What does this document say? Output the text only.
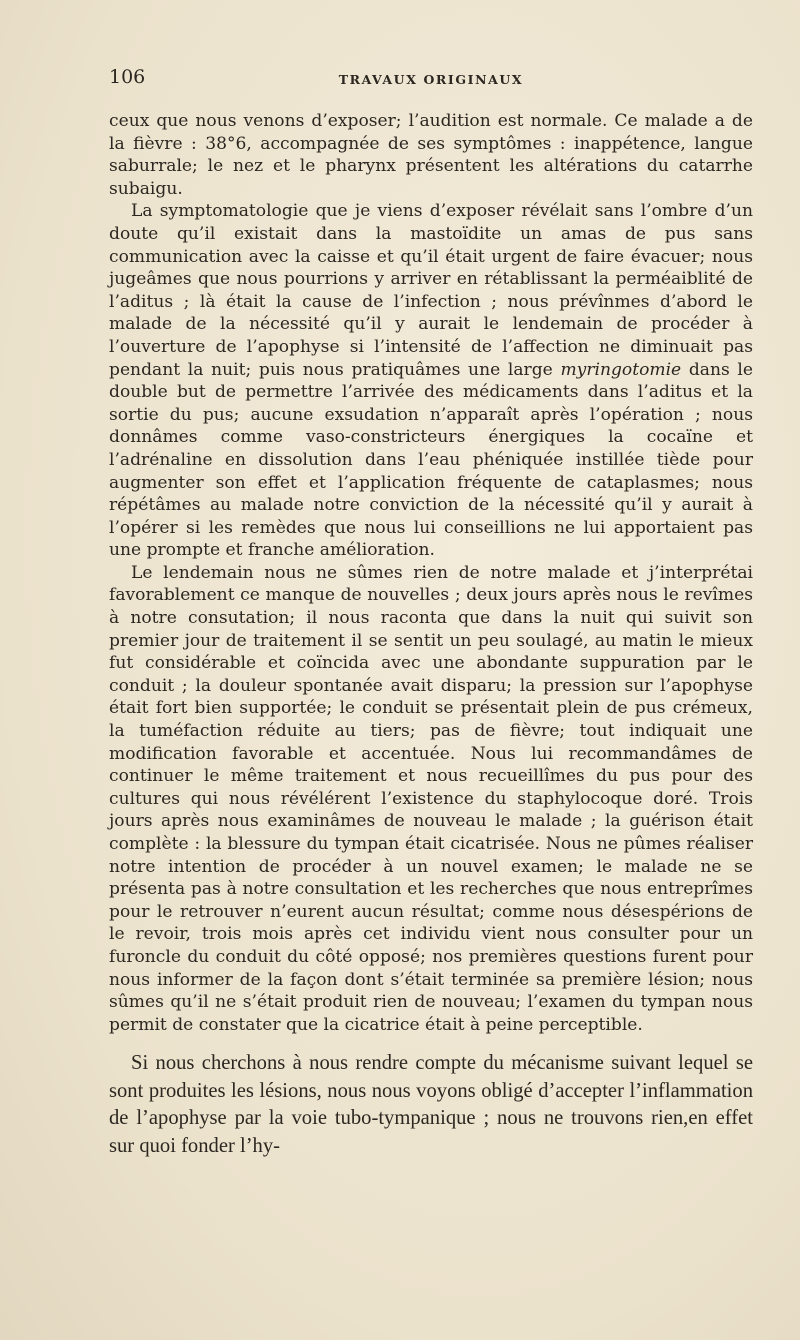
106	TRAVAUX ORIGINAUX

ceux que nous venons d’exposer; l’audition est normale. Ce malade a de la fièvre : 38°6, accompagnée de ses symptômes : inappétence, langue saburrale; le nez et le pharynx présentent les altérations du catarrhe subaigu.

La symptomatologie que je viens d’exposer révélait sans l’ombre d’un doute qu’il existait dans la mastoïdite un amas de pus sans communication avec la caisse et qu’il était urgent de faire évacuer; nous jugeâmes que nous pourrions y arriver en rétablissant la perméaiblité de l’aditus ; là était la cause de l’infection ; nous prévînmes d’abord le malade de la nécessité qu’il y aurait le lendemain de procéder à l’ouverture de l’apophyse si l’intensité de l’affection ne diminuait pas pendant la nuit; puis nous pratiquâmes une large myringotomie dans le double but de permettre l’arrivée des médicaments dans l’aditus et la sortie du pus; aucune exsudation n’apparaît après l’opération ; nous donnâmes comme vaso-constricteurs énergiques la cocaïne et l’adrénaline en dissolution dans l’eau phéniquée instillée tiède pour augmenter son effet et l’application fréquente de cataplasmes; nous répétâmes au malade notre conviction de la nécessité qu’il y aurait à l’opérer si les remèdes que nous lui conseillions ne lui apportaient pas une prompte et franche amélioration.

Le lendemain nous ne sûmes rien de notre malade et j’interprétai favorablement ce manque de nouvelles ; deux jours après nous le revîmes à notre consutation; il nous raconta que dans la nuit qui suivit son premier jour de traitement il se sentit un peu soulagé, au matin le mieux fut considérable et coïncida avec une abondante suppuration par le conduit ; la douleur spontanée avait disparu; la pression sur l’apophyse était fort bien supportée; le conduit se présentait plein de pus crémeux, la tuméfaction réduite au tiers; pas de fièvre; tout indiquait une modification favorable et accentuée. Nous lui recommandâmes de continuer le même traitement et nous recueillîmes du pus pour des cultures qui nous révélérent l’existence du staphylocoque doré. Trois jours après nous examinâmes de nouveau le malade ; la guérison était complète : la blessure du tympan était cicatrisée. Nous ne pûmes réaliser notre intention de procéder à un nouvel examen; le malade ne se présenta pas à notre consultation et les recherches que nous entreprîmes pour le retrouver n’eurent aucun résultat; comme nous désespérions de le revoir, trois mois après cet individu vient nous consulter pour un furoncle du conduit du côté opposé; nos premières questions furent pour nous informer de la façon dont s’était terminée sa première lésion; nous sûmes qu’il ne s’était produit rien de nouveau; l’examen du tympan nous permit de constater que la cicatrice était à peine perceptible.

Si nous cherchons à nous rendre compte du mécanisme suivant lequel se sont produites les lésions, nous nous voyons obligé d’accepter l’inflammation de l’apophyse par la voie tubo-tympanique ; nous ne trouvons rien,en effet sur quoi fonder l’hy-
